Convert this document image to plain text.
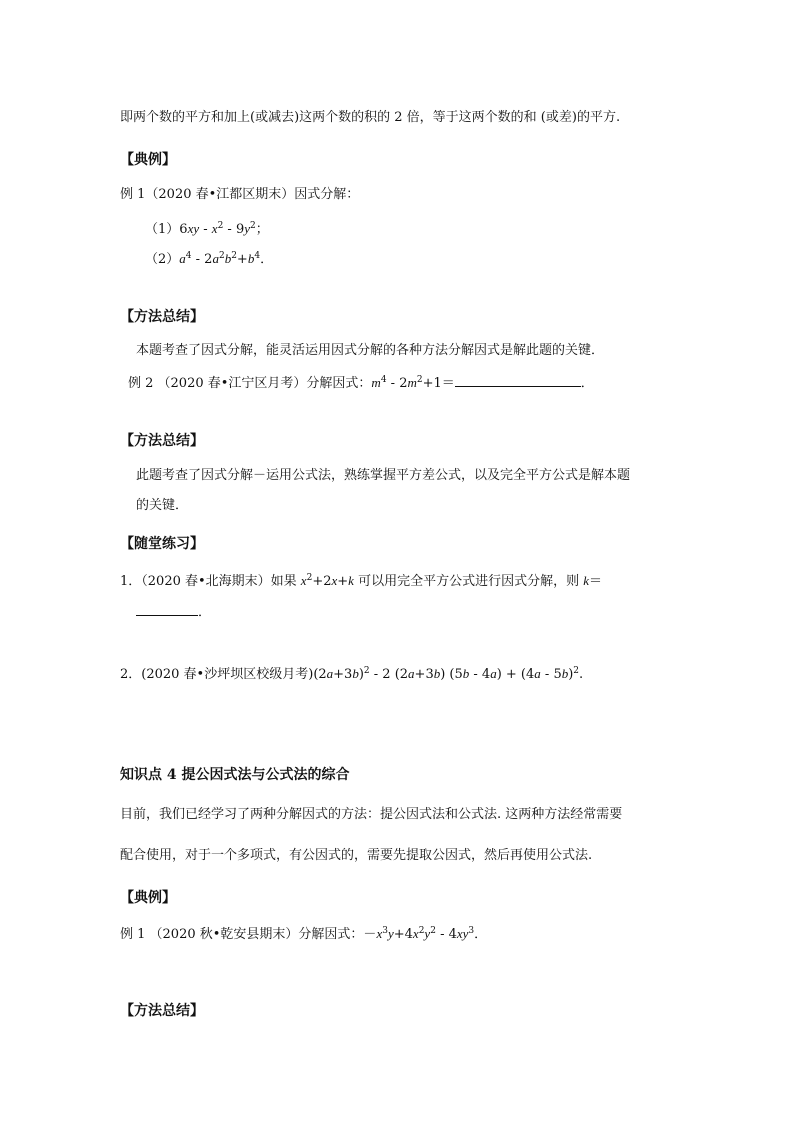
即两个数的平方和加上(或减去)这两个数的积的 2 倍，等于这两个数的和 (或差)的平方.
【典例】
例 1（2020 春•江都区期末）因式分解：
$(1)6xy - x^2 - 9y^2$；
$(2)a^4 - 2a^2b^2+b^4$．
【方法总结】
本题考查了因式分解，能灵活运用因式分解的各种方法分解因式是解此题的关键．
例 2 （2020 春•江宁区月考）分解因式：$m^4 - 2m^2+1=$	．
【方法总结】
此题考查了因式分解－运用公式法，熟练掌握平方差公式，以及完全平方公式是解本题
的关键．
【随堂练习】
1．（2020 春•北海期末）如果 $x^2+2x+k$ 可以用完全平方公式进行因式分解，则 k＝
．
2．(2020 春•沙坪坝区校级月考)$(2a+3b)^2 - 2$ (2a+3b) (5b - 4a) + (4a - 5b)$^2$.
知识点 4 提公因式法与公式法的综合
目前，我们已经学习了两种分解因式的方法：提公因式法和公式法. 这两种方法经常需要
配合使用，对于一个多项式，有公因式的，需要先提取公因式，然后再使用公式法.
【典例】
例 1 （2020 秋•乾安县期末）分解因式：$-x^3y+4x^2y^2 - 4xy^3$．
【方法总结】
